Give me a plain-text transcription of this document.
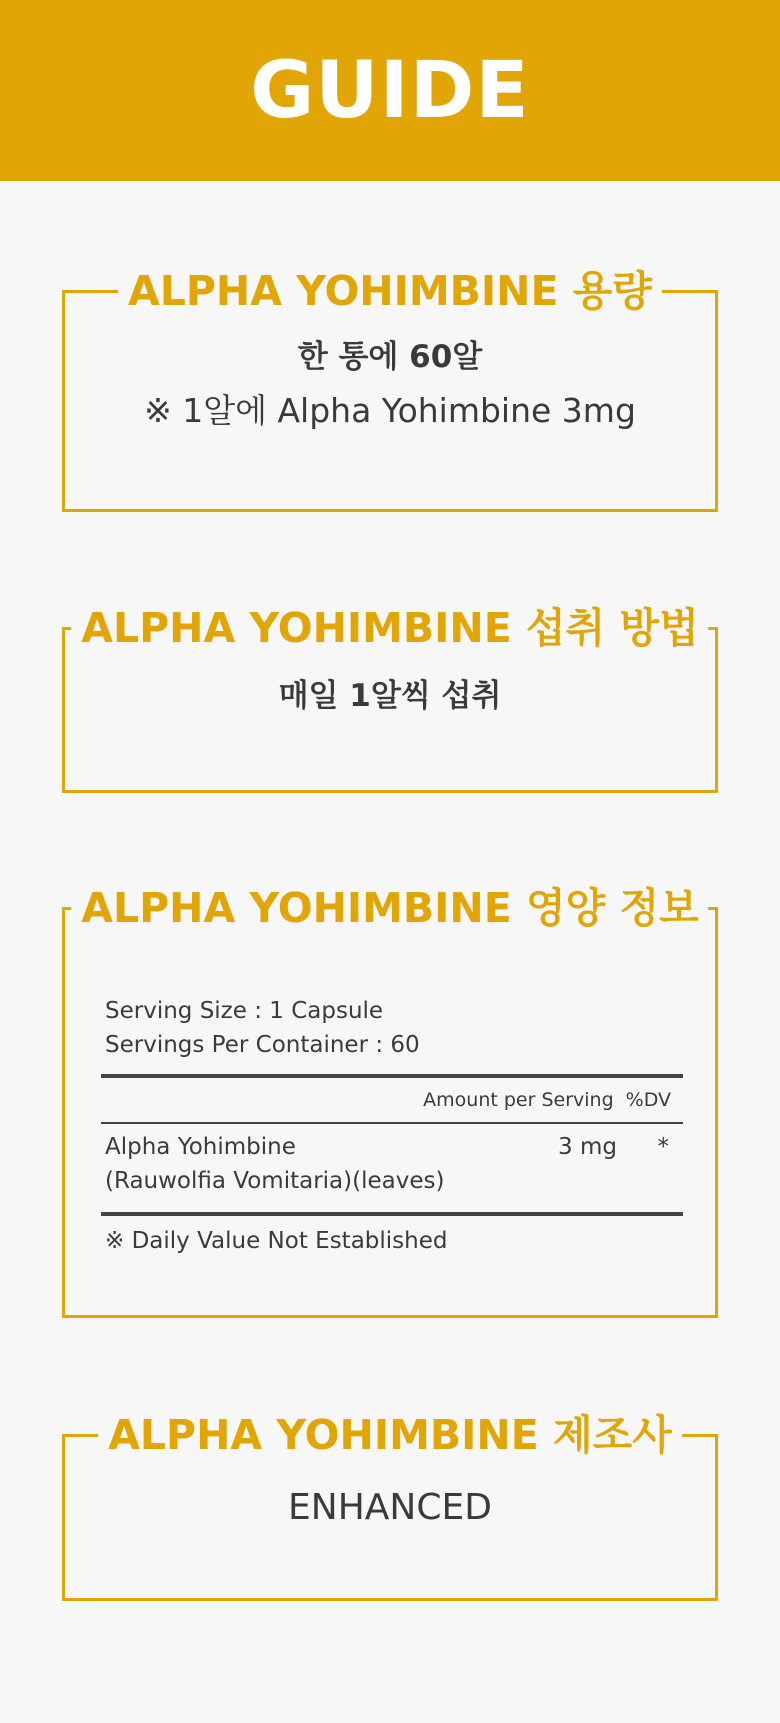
GUIDE
ALPHA YOHIMBINE 용량
한 통에 60알
※ 1알에 Alpha Yohimbine 3mg
ALPHA YOHIMBINE 섭취 방법
매일 1알씩 섭취
ALPHA YOHIMBINE 영양 정보
Serving Size : 1 Capsule
Servings Per Container : 60
Amount per Serving %DV
Alpha Yohimbine
(Rauwolfia Vomitaria)(leaves)
3 mg *
※ Daily Value Not Established
ALPHA YOHIMBINE 제조사
ENHANCED
